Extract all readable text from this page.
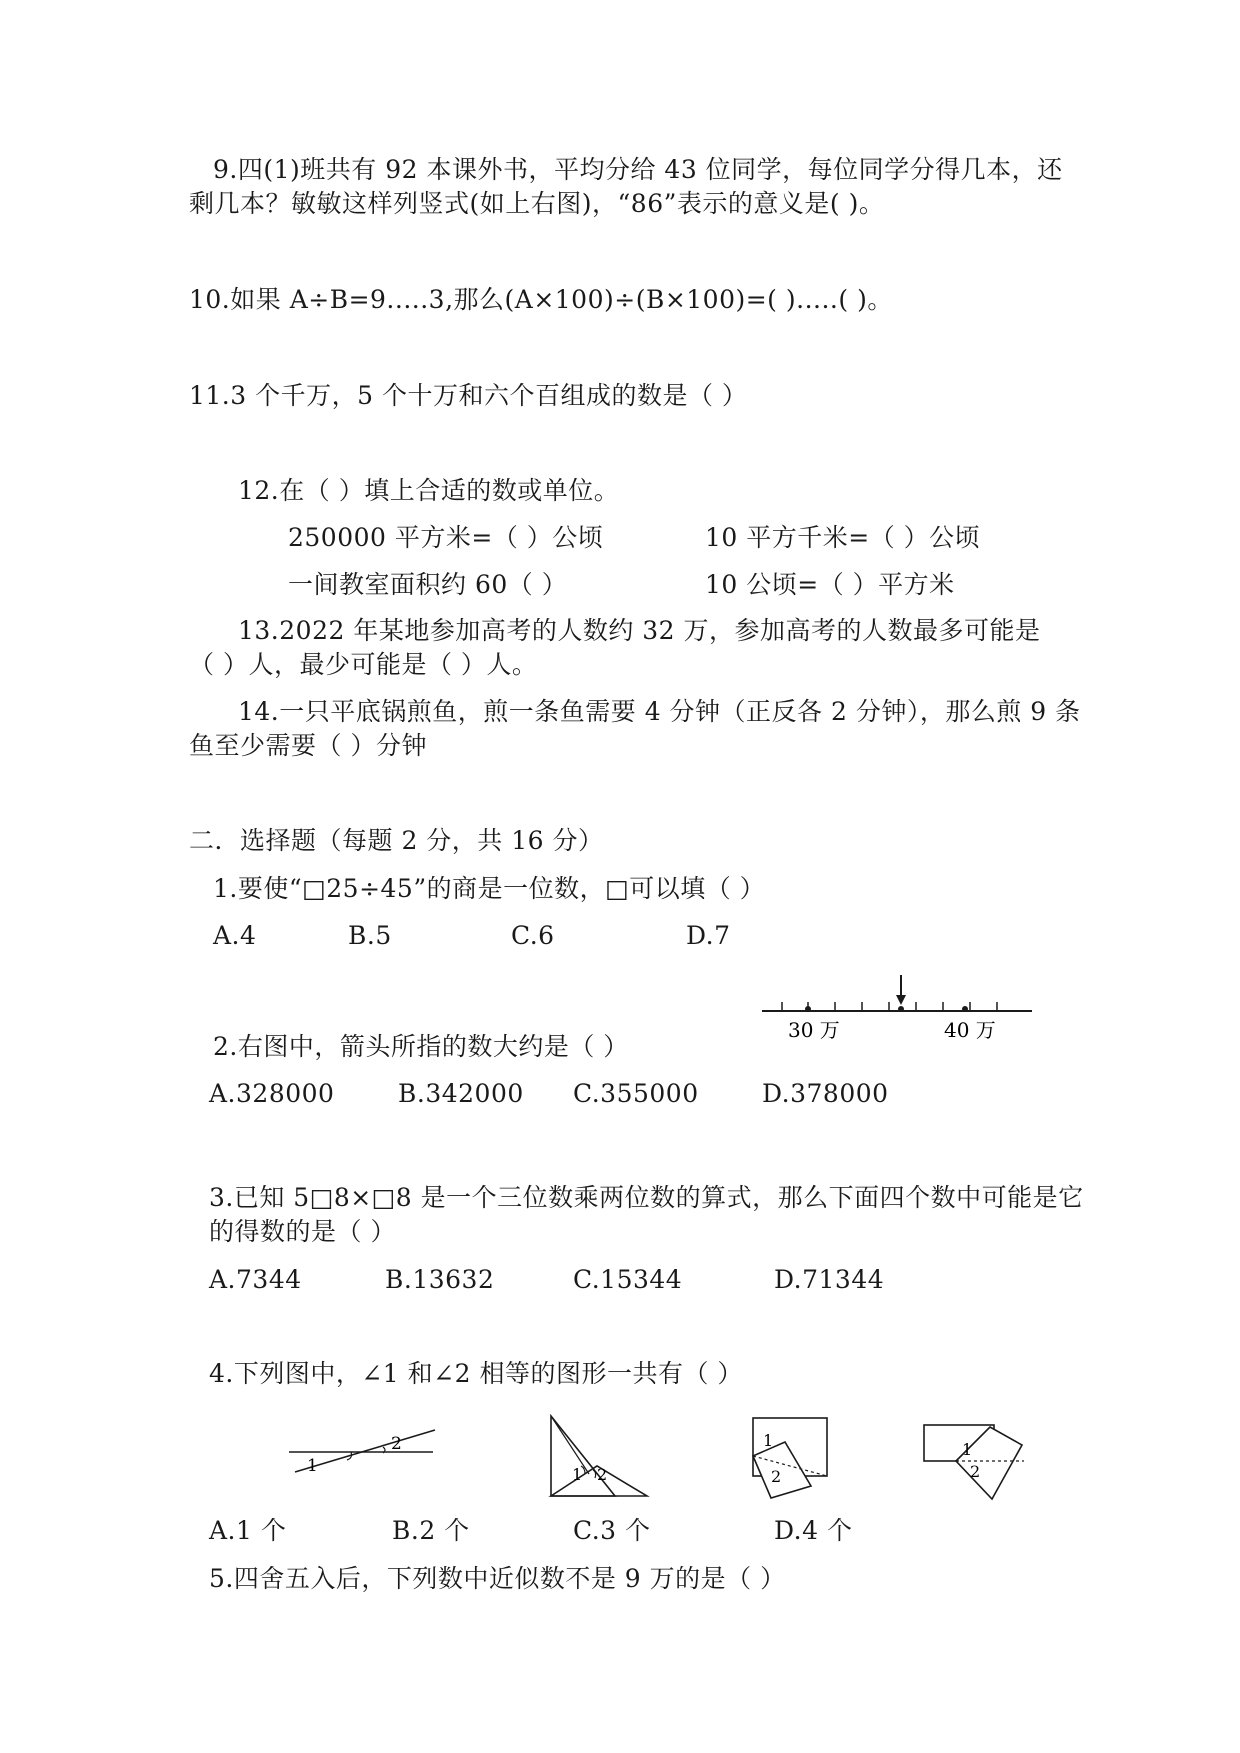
9.四(1)班共有 92 本课外书，平均分给 43 位同学，每位同学分得几本，还
剩几本？敏敏这样列竖式(如上右图)，“86”表示的意义是( )。
10.如果 A÷B=9.....3,那么(A×100)÷(B×100)=( ).....( )。
11.3 个千万，5 个十万和六个百组成的数是（ ）
12.在（ ）填上合适的数或单位。
250000 平方米=（ ）公顷	10 平方千米=（ ）公顷
一间教室面积约 60（ ）	10 公顷=（ ）平方米
13.2022 年某地参加高考的人数约 32 万，参加高考的人数最多可能是
（ ）人，最少可能是（ ）人。
14.一只平底锅煎鱼，煎一条鱼需要 4 分钟（正反各 2 分钟），那么煎 9 条
鱼至少需要（ ）分钟
二．选择题（每题 2 分，共 16 分）
1.要使“□25÷45”的商是一位数，□可以填（ ）
A.4	B.5	C.6	D.7
30 万	40 万
2.右图中，箭头所指的数大约是（ ）
A.328000	B.342000 C.355000	D.378000
3.已知 5□8×□8 是一个三位数乘两位数的算式，那么下面四个数中可能是它
的得数的是（ ）
A.7344	B.13632	C.15344	D.71344
4.下列图中，∠1 和∠2 相等的图形一共有（ ）
1
2
1 2
1
2
1
2
A.1 个	B.2 个	C.3 个	D.4 个
5.四舍五入后，下列数中近似数不是 9 万的是（ ）
